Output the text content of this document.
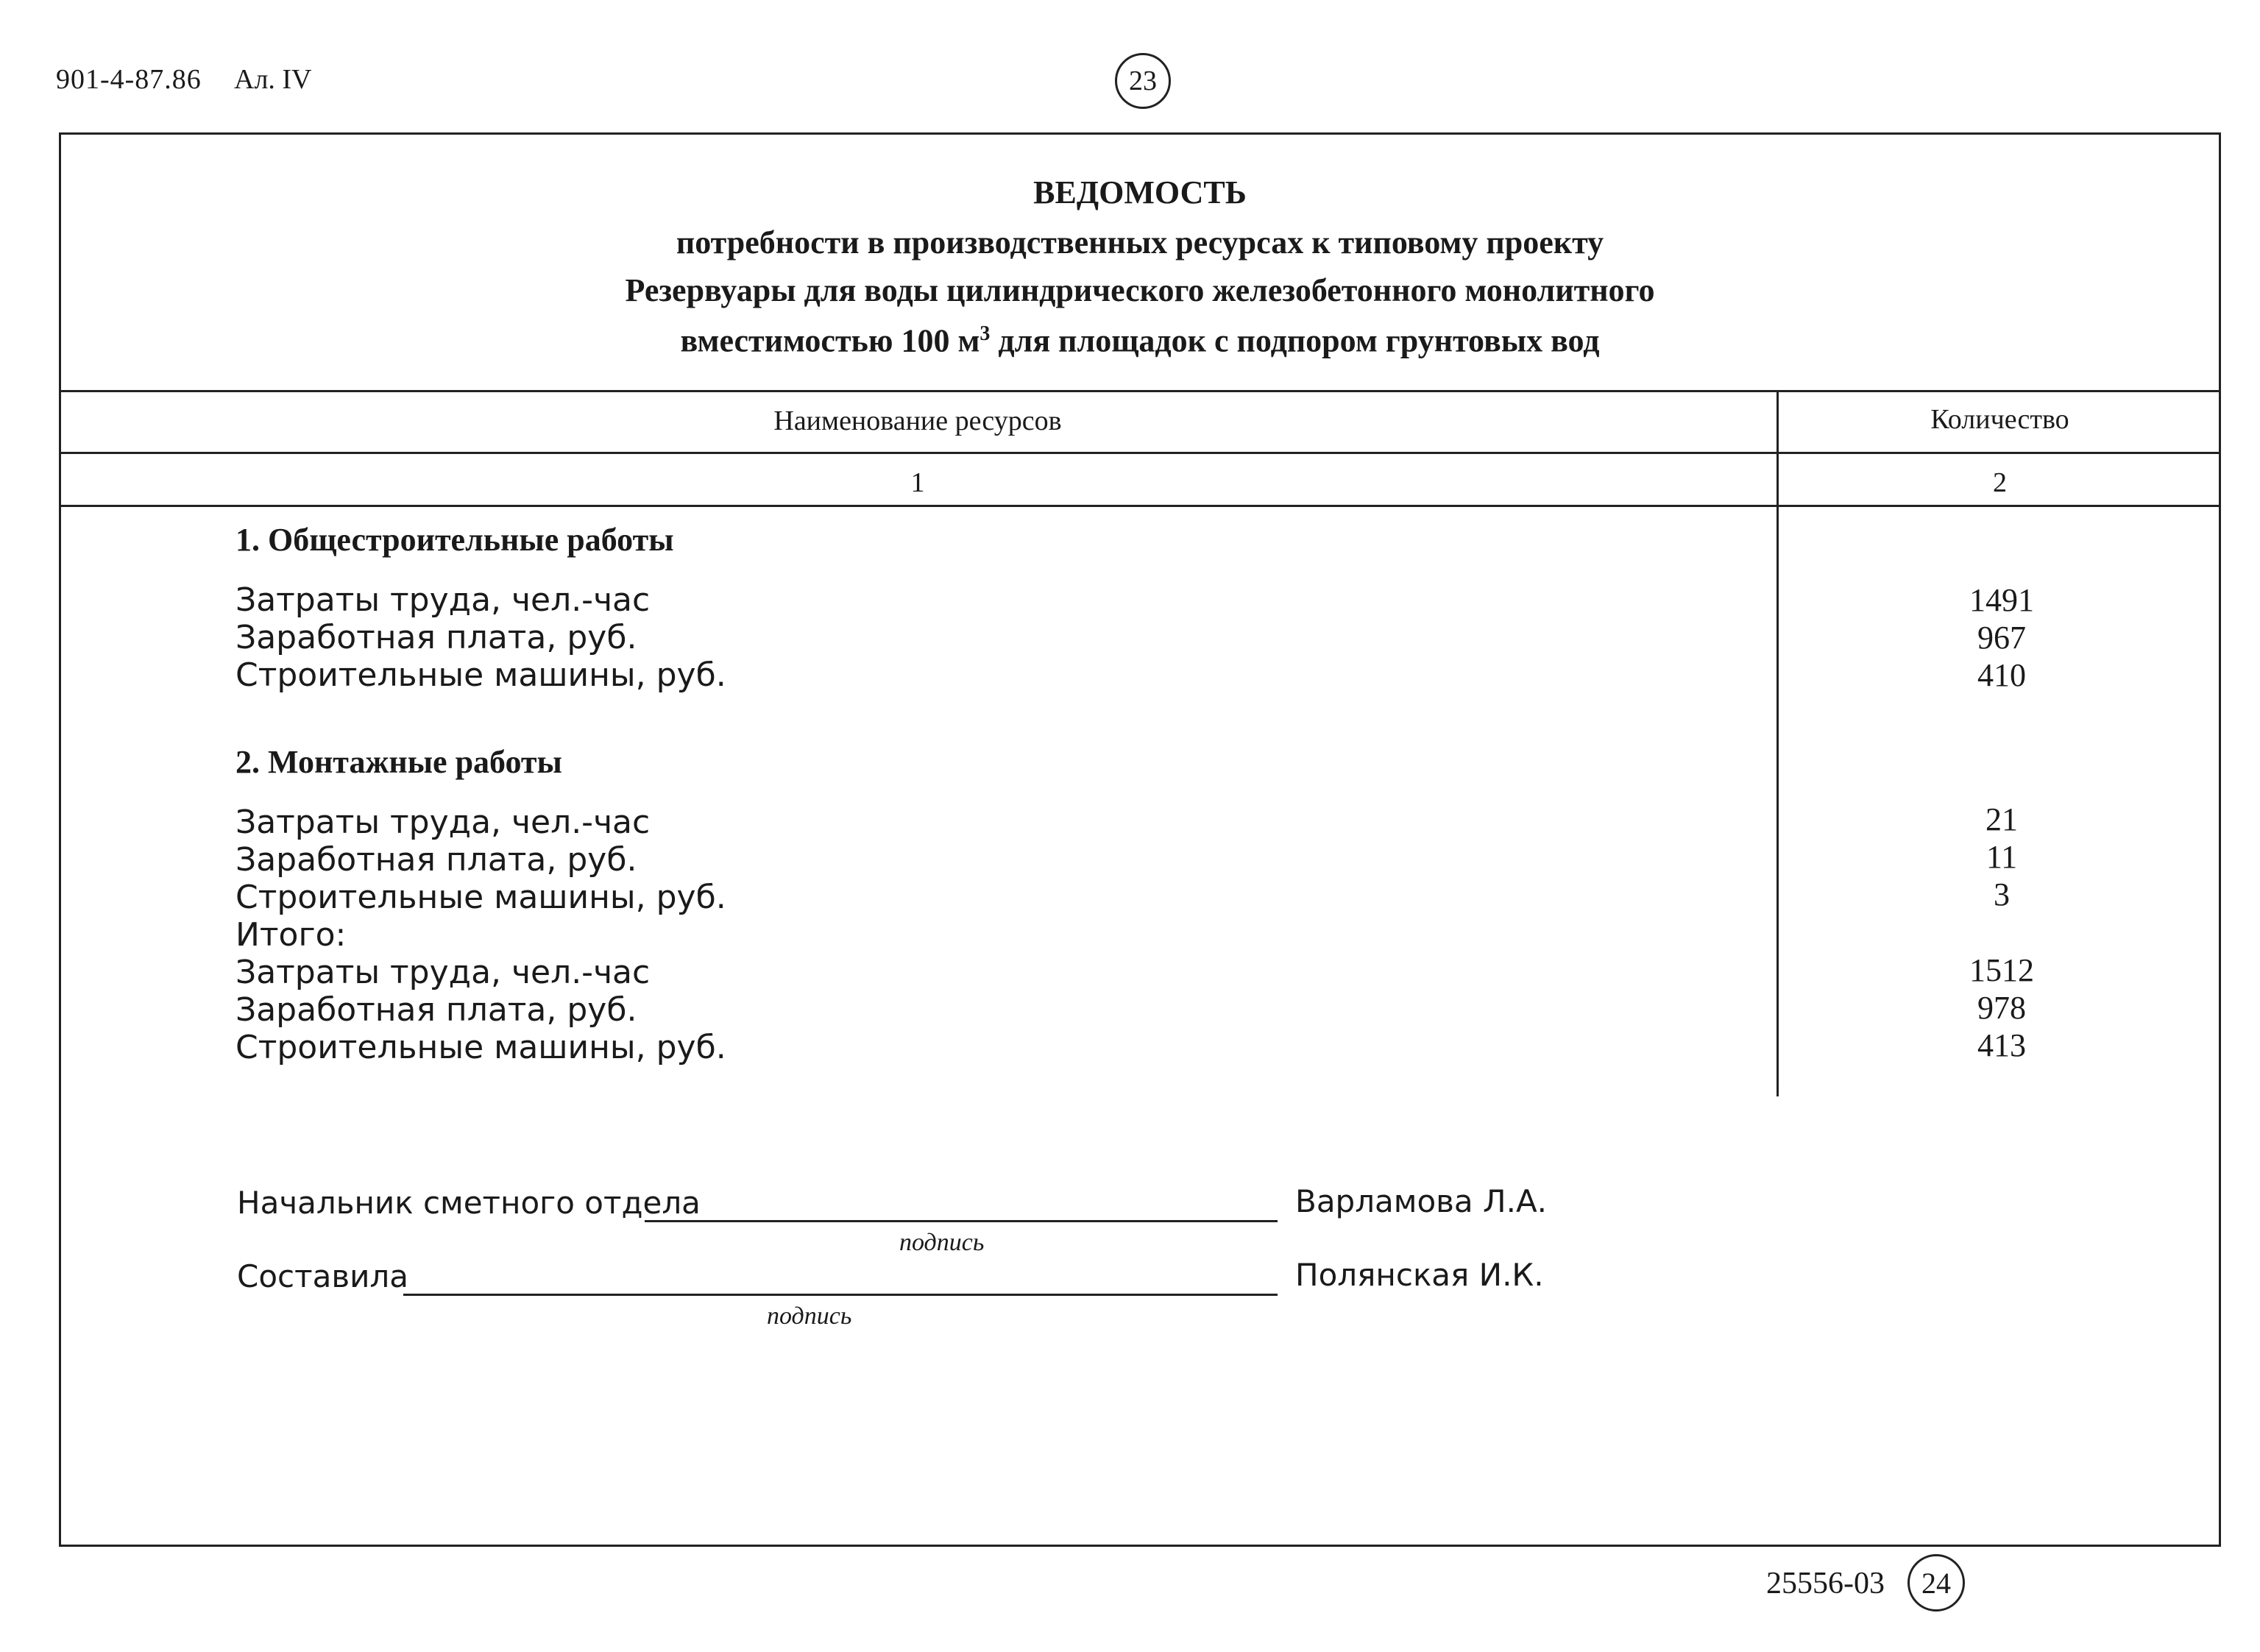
901-4-87.86 Ал. IV	23
ВЕДОМОСТЬ
потребности в производственных ресурсах к типовому проекту
Резервуары для воды цилиндрического железобетонного монолитного
вместимостью 100 $м^3$ для площадок с подпором грунтовых вод
Наименование ресурсов	Количество
1	2
1. Общестроительные работы
Затраты труда, чел.-час	1491
Заработная плата, руб.	967
Строительные машины, руб.	410
2. Монтажные работы
Затраты труда, чел.-час	21
Заработная плата, руб.	11
Строительные машины, руб.	3
Итого:
Затраты труда, чел.-час	1512
Заработная плата, руб.	978
Строительные машины, руб.	413
Начальник сметного отдела	Варламова Л.А.
подпись
Составила	Полянская И.К.
подпись
25556-03 24
